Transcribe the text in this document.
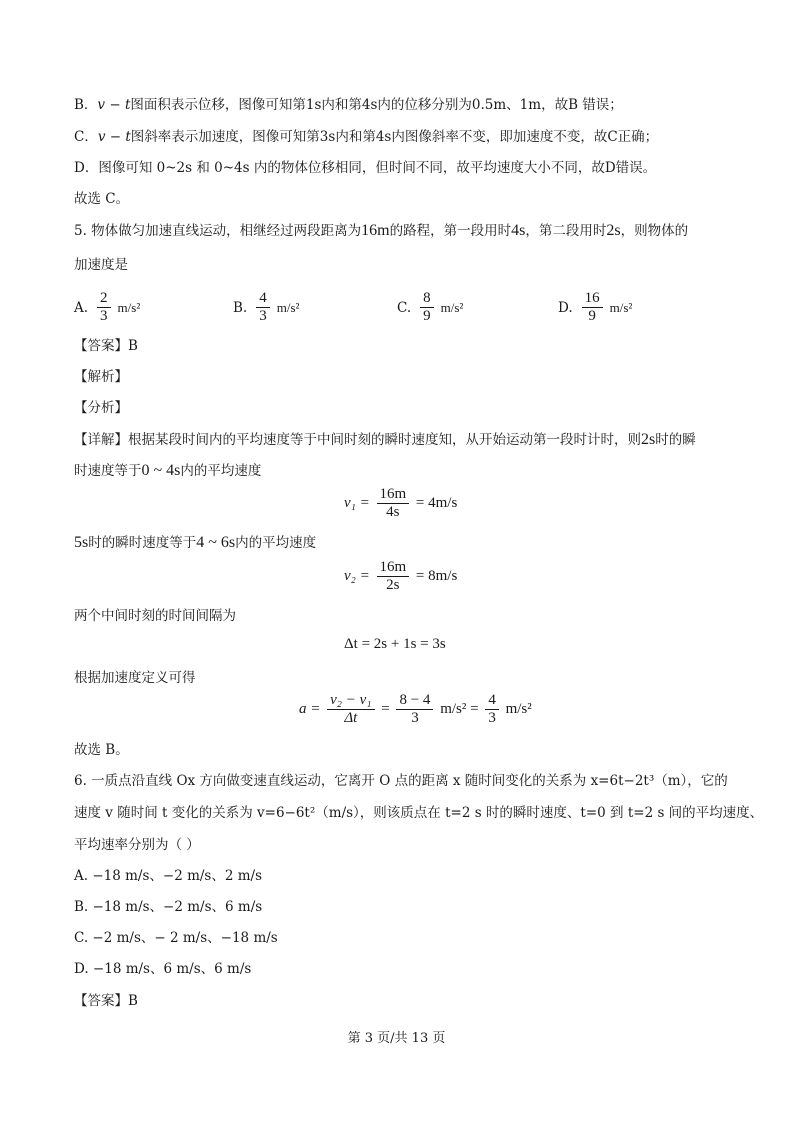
B．v − t图面积表示位移，图像可知第1s内和第4s内的位移分别为0.5m、1m，故B 错误；
C．v − t图斜率表示加速度，图像可知第3s内和第4s内图像斜率不变，即加速度不变，故C正确；
D．图像可知 0~2s 和 0~4s 内的物体位移相同，但时间不同，故平均速度大小不同，故D错误。
故选 C。
5. 物体做匀加速直线运动，相继经过两段距离为16m的路程，第一段用时4s，第二段用时2s，则物体的
加速度是
A. $\frac{2}{3} m/s^2$	B. $\frac{4}{3} m/s^2$	C. $\frac{8}{9} m/s^2$	D. $\frac{16}{9} m/s^2$
【答案】B
【解析】
【分析】
【详解】根据某段时间内的平均速度等于中间时刻的瞬时速度知，从开始运动第一段时计时，则2s时的瞬
时速度等于0 ~ 4s内的平均速度
$v_1 = \frac{16m}{4s} = 4m/s$
5s时的瞬时速度等于4 ~ 6s内的平均速度
$v_2 = \frac{16m}{2s} = 8m/s$
两个中间时刻的时间间隔为
Δt = 2s + 1s = 3s
根据加速度定义可得
$a = \frac{\text{v₂ − v₁}}{\Delta t} = \frac{8 - 4}{3} m/s^2 = \frac{4}{3} m/s^2$
故选 B。
6. 一质点沿直线 Ox 方向做变速直线运动，它离开 O 点的距离 x 随时间变化的关系为 x=6t−2t³（m），它的
速度 v 随时间 t 变化的关系为 v=6−6t²（m/s），则该质点在 t=2 s 时的瞬时速度、t=0 到 t=2 s 间的平均速度、
平均速率分别为（ ）
A. −18 m/s、−2 m/s、2 m/s
B. −18 m/s、−2 m/s、6 m/s
C. −2 m/s、− 2 m/s、−18 m/s
D. −18 m/s、6 m/s、6 m/s
【答案】B
第 3 页/共 13 页
